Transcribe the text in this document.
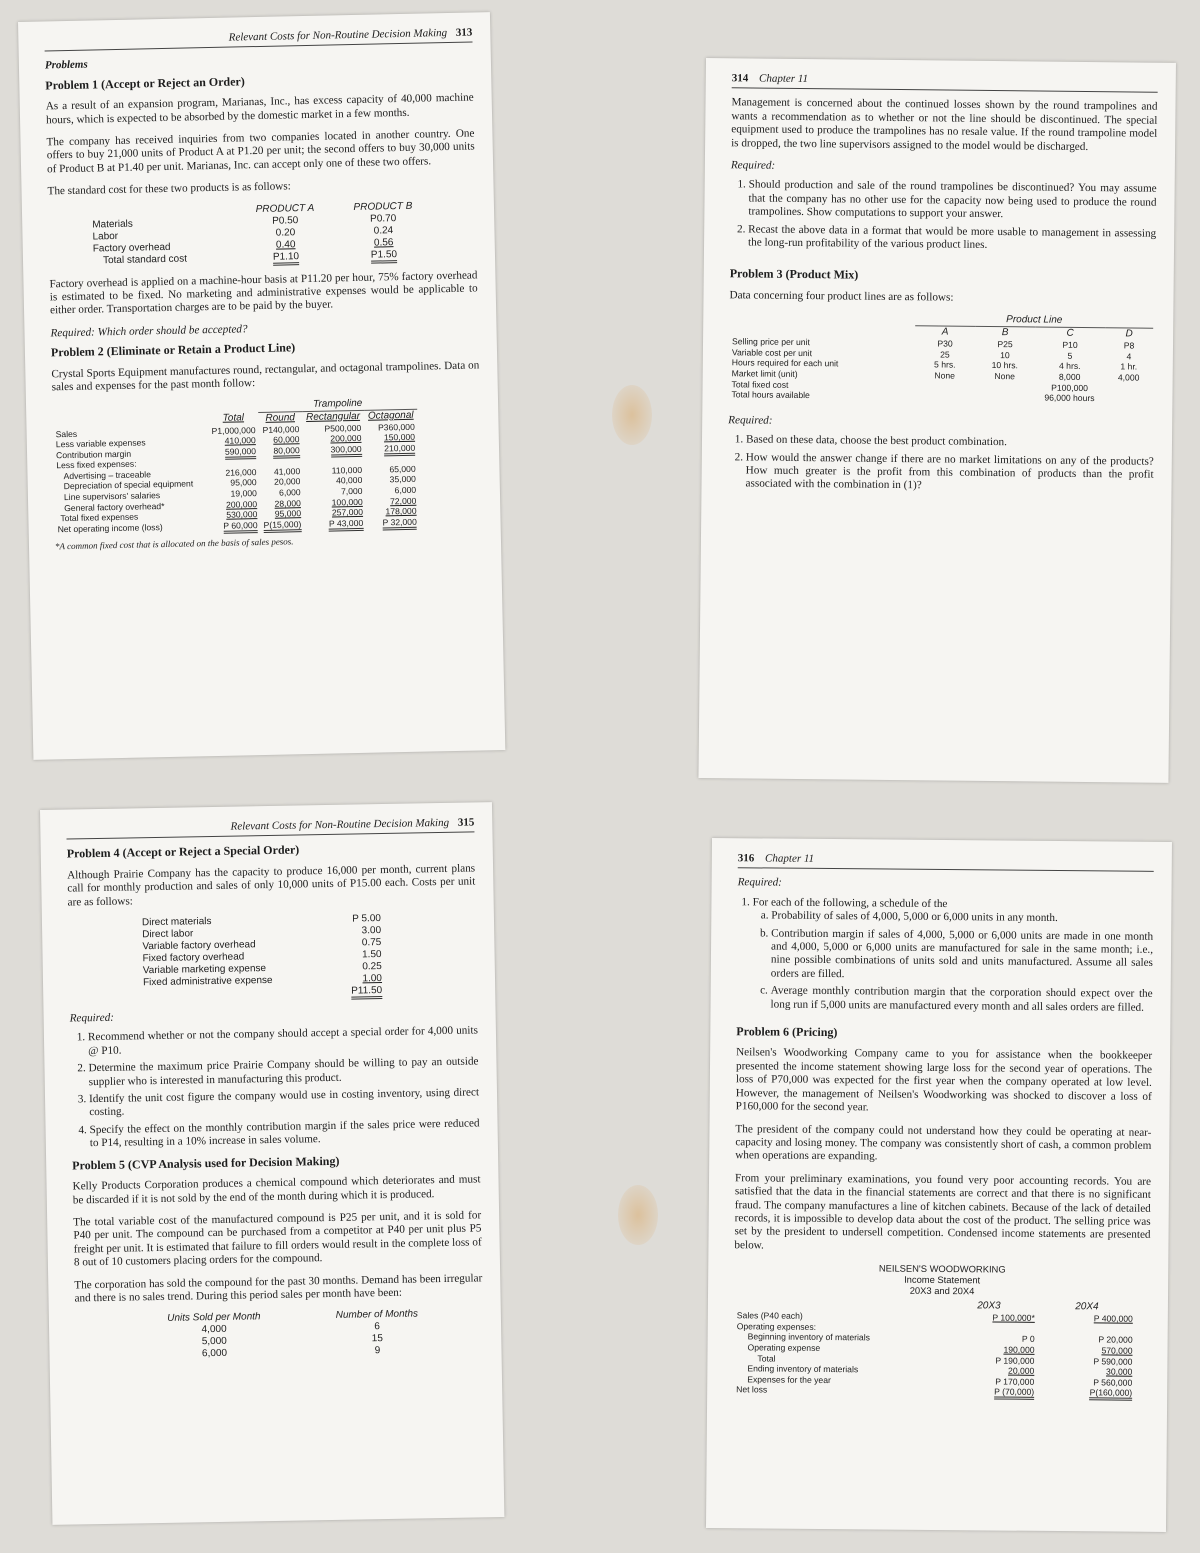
Relevant Costs for Non-Routine Decision Making 313
Problems
Problem 1 (Accept or Reject an Order)

As a result of an expansion program, Marianas, Inc., has excess capacity of 40,000 machine hours, which is expected to be absorbed by the domestic market in a few months.

The company has received inquiries from two companies located in another country. One offers to buy 21,000 units of Product A at P1.20 per unit; the second offers to buy 30,000 units of Product B at P1.40 per unit. Marianas, Inc. can accept only one of these two offers.

The standard cost for these two products is as follows:

	PRODUCT A	PRODUCT B
Materials	P0.50	P0.70
Labor	0.20	0.24
Factory overhead	0.40	0.56
Total standard cost	P1.10	P1.50

Factory overhead is applied on a machine-hour basis at P11.20 per hour, 75% factory overhead is estimated to be fixed. No marketing and administrative expenses would be applicable to either order. Transportation charges are to be paid by the buyer.

Required: Which order should be accepted?

Problem 2 (Eliminate or Retain a Product Line)

Crystal Sports Equipment manufactures round, rectangular, and octagonal trampolines. Data on sales and expenses for the past month follow:

		Trampoline		
	Total	Round	Rectangular	Octagonal
Sales	P1,000,000	P140,000	P500,000	P360,000
Less variable expenses	410,000	60,000	200,000	150,000
Contribution margin	590,000	80,000	300,000	210,000
Less fixed expenses:				
Advertising – traceable	216,000	41,000	110,000	65,000
Depreciation of special equipment	95,000	20,000	40,000	35,000
Line supervisors' salaries	19,000	6,000	7,000	6,000
General factory overhead*	200,000	28,000	100,000	72,000
Total fixed expenses	530,000	95,000	257,000	178,000
Net operating income (loss)	P 60,000	P(15,000)	P 43,000	P 32,000
*A common fixed cost that is allocated on the basis of sales pesos.
314 Chapter 11

Management is concerned about the continued losses shown by the round trampolines and wants a recommendation as to whether or not the line should be discontinued. The special equipment used to produce the trampolines has no resale value. If the round trampoline model is dropped, the two line supervisors assigned to the model would be discharged.

Required:
1. Should production and sale of the round trampolines be discontinued? You may assume that the company has no other use for the capacity now being used to produce the round trampolines. Show computations to support your answer.
2. Recast the above data in a format that would be more usable to management in assessing the long-run profitability of the various product lines.
Problem 3 (Product Mix)

Data concerning four product lines are as follows:

	Product Line			
	A	B	C	D
Selling price per unit	P30	P25	P10	P8
Variable cost per unit	25	10	5	4
Hours required for each unit	5 hrs.	10 hrs.	4 hrs.	1 hr.
Market limit (unit)	None	None	8,000	4,000
Total fixed cost			P100,000	
Total hours available			96,000 hours	
Required:
1. Based on these data, choose the best product combination.
2. How would the answer change if there are no market limitations on any of the products? How much greater is the profit from this combination of products than the profit associated with the combination in (1)?
Relevant Costs for Non-Routine Decision Making 315
Problem 4 (Accept or Reject a Special Order)

Although Prairie Company has the capacity to produce 16,000 per month, current plans call for monthly production and sales of only 10,000 units of P15.00 each. Costs per unit are as follows:

Direct materials	P 5.00
Direct labor	3.00
Variable factory overhead	0.75
Fixed factory overhead	1.50
Variable marketing expense	0.25
Fixed administrative expense	1.00
	P11.50
Required:
1. Recommend whether or not the company should accept a special order for 4,000 units @ P10.
2. Determine the maximum price Prairie Company should be willing to pay an outside supplier who is interested in manufacturing this product.
3. Identify the unit cost figure the company would use in costing inventory, using direct costing.
4. Specify the effect on the monthly contribution margin if the sales price were reduced to P14, resulting in a 10% increase in sales volume.
Problem 5 (CVP Analysis used for Decision Making)

Kelly Products Corporation produces a chemical compound which deteriorates and must be discarded if it is not sold by the end of the month during which it is produced.

The total variable cost of the manufactured compound is P25 per unit, and it is sold for P40 per unit. The compound can be purchased from a competitor at P40 per unit plus P5 freight per unit. It is estimated that failure to fill orders would result in the complete loss of 8 out of 10 customers placing orders for the compound.

The corporation has sold the compound for the past 30 months. Demand has been irregular and there is no sales trend. During this period sales per month have been:

Units Sold per Month	Number of Months
4,000	6
5,000	15
6,000	9
316 Chapter 11
Required:
1. For each of the following, a schedule of the
a. Probability of sales of 4,000, 5,000 or 6,000 units in any month.
b. Contribution margin if sales of 4,000, 5,000 or 6,000 units are made in one month and 4,000, 5,000 or 6,000 units are manufactured for sale in the same month; i.e., nine possible combinations of units sold and units manufactured. Assume all sales orders are filled.
c. Average monthly contribution margin that the corporation should expect over the long run if 5,000 units are manufactured every month and all sales orders are filled.
Problem 6 (Pricing)

Neilsen's Woodworking Company came to you for assistance when the bookkeeper presented the income statement showing large loss for the second year of operations. The loss of P70,000 was expected for the first year when the company operated at low level. However, the management of Neilsen's Woodworking was shocked to discover a loss of P160,000 for the second year.

The president of the company could not understand how they could be operating at near-capacity and losing money. The company was consistently short of cash, a common problem when operations are expanding.

From your preliminary examinations, you found very poor accounting records. You are satisfied that the data in the financial statements are correct and that there is no significant fraud. The company manufactures a line of kitchen cabinets. Because of the lack of detailed records, it is impossible to develop data about the cost of the product. The selling price was set by the president to undersell competition. Condensed income statements are presented below.

NEILSEN'S WOODWORKING
Income Statement
20X3 and 20X4
	20X3	20X4
Sales (P40 each)	P 100,000*	P 400,000
Operating expenses:		
Beginning inventory of materials	P 0	P 20,000
Operating expense	190,000	570,000
Total	P 190,000	P 590,000
Ending inventory of materials	20,000	30,000
Expenses for the year	P 170,000	P 560,000
Net loss	P (70,000)	P(160,000)
